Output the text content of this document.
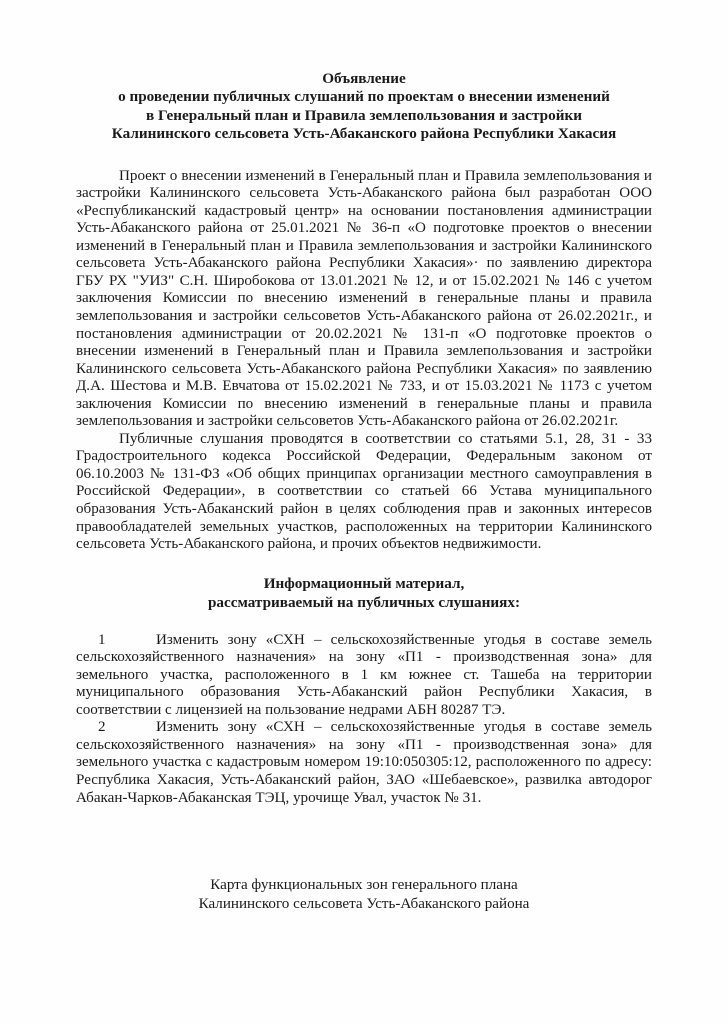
Объявление
о проведении публичных слушаний по проектам о внесении изменений
в Генеральный план и Правила землепользования и застройки
Калининского сельсовета Усть-Абаканского района Республики Хакасия

Проект о внесении изменений в Генеральный план и Правила землепользования и застройки Калининского сельсовета Усть-Абаканского района был разработан ООО «Республиканский кадастровый центр» на основании постановления администрации Усть-Абаканского района от 25.01.2021 № 36-п «О подготовке проектов о внесении изменений в Генеральный план и Правила землепользования и застройки Калининского сельсовета Усть-Абаканского района Республики Хакасия»· по заявлению директора ГБУ РХ "УИЗ" С.Н. Широбокова от 13.01.2021 № 12, и от 15.02.2021 № 146 с учетом заключения Комиссии по внесению изменений в генеральные планы и правила землепользования и застройки сельсоветов Усть-Абаканского района от 26.02.2021г., и постановления администрации от 20.02.2021 № 131-п «О подготовке проектов о внесении изменений в Генеральный план и Правила землепользования и застройки Калининского сельсовета Усть-Абаканского района Республики Хакасия» по заявлению Д.А. Шестова и М.В. Евчатова от 15.02.2021 № 733, и от 15.03.2021 № 1173 с учетом заключения Комиссии по внесению изменений в генеральные планы и правила землепользования и застройки сельсоветов Усть-Абаканского района от 26.02.2021г.

Публичные слушания проводятся в соответствии со статьями 5.1, 28, 31 - 33 Градостроительного кодекса Российской Федерации, Федеральным законом от 06.10.2003 № 131-ФЗ «Об общих принципах организации местного самоуправления в Российской Федерации», в соответствии со статьей 66 Устава муниципального образования Усть-Абаканский район в целях соблюдения прав и законных интересов правообладателей земельных участков, расположенных на территории Калининского сельсовета Усть-Абаканского района, и прочих объектов недвижимости.

Информационный материал,
рассматриваемый на публичных слушаниях:

1	Изменить зону «СХН – сельскохозяйственные угодья в составе земель сельскохозяйственного назначения» на зону «П1 - производственная зона» для земельного участка, расположенного в 1 км южнее ст. Ташеба на территории муниципального образования Усть-Абаканский район Республики Хакасия, в соответствии с лицензией на пользование недрами АБН 80287 ТЭ.

2	Изменить зону «СХН – сельскохозяйственные угодья в составе земель сельскохозяйственного назначения» на зону «П1 - производственная зона» для земельного участка с кадастровым номером 19:10:050305:12, расположенного по адресу: Республика Хакасия, Усть-Абаканский район, ЗАО «Шебаевское», развилка автодорог Абакан-Чарков-Абаканская ТЭЦ, урочище Увал, участок № 31.

Карта функциональных зон генерального плана
Калининского сельсовета Усть-Абаканского района
